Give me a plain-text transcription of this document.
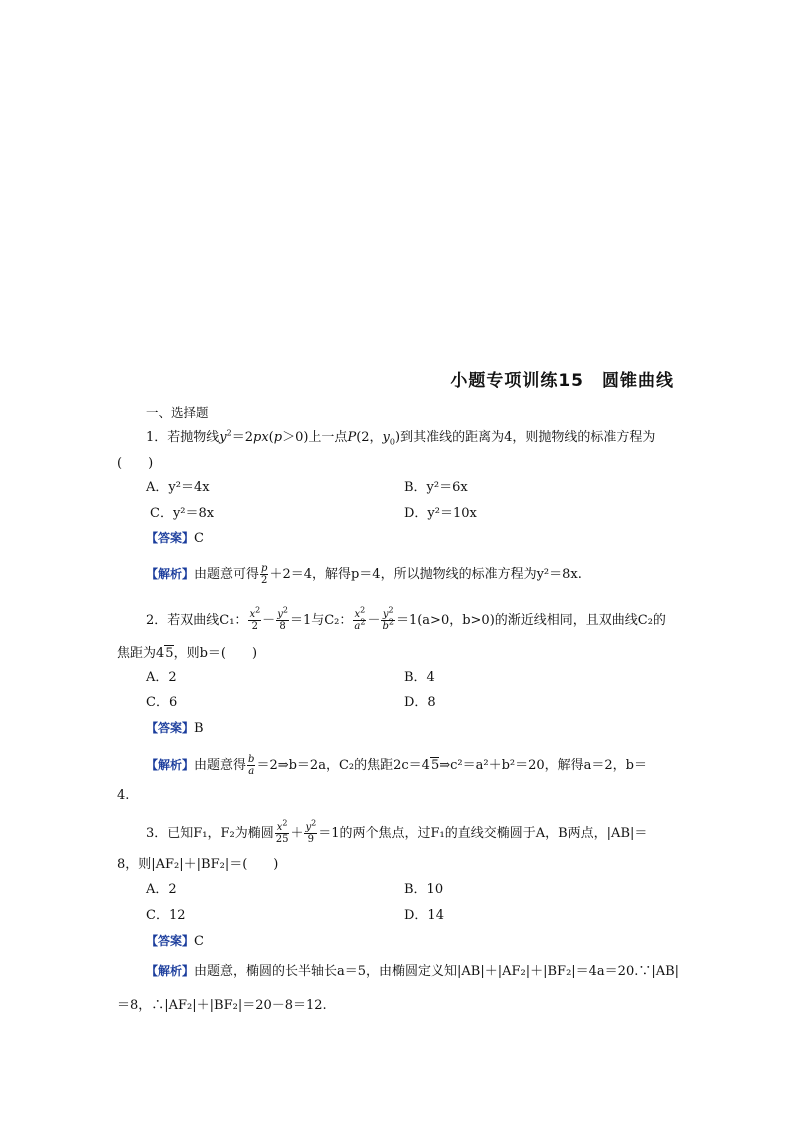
小题专项训练15　圆锥曲线
一、选择题
1．若抛物线$y^2=2px(p>0)$上一点P(2，$y_0$)到其准线的距离为4，则抛物线的标准方程为
(　　)
A．y²＝4x	B．y²＝6x
C．y²＝8x	D．y²＝10x
【答案】C
【解析】由题意可得 $\frac{p}{2} +2=4$，解得p＝4，所以抛物线的标准方程为y²＝8x.
2．若双曲线C₁： $\frac{x^2}{2} - \frac{y^2}{8} =1$与C₂： $\frac{x^2}{a^2} - \frac{y^2}{b^2} =1(a>0$，b>0)的渐近线相同，且双曲线C₂的
焦距为45，则b＝(　　)
A．2	B．4
C．6	D．8
【答案】B
【解析】由题意得 $\frac{b}{a}$ ＝2⇒b＝2a，C₂的焦距2c＝45⇒c²＝a²＋b²＝20，解得a＝2，b＝
4.
3．已知F₁，F₂为椭圆 $\frac{x^2}{25} + \frac{y^2}{9} =1$的两个焦点，过F₁的直线交椭圆于A，B两点，|AB|＝
8，则|AF₂|＋|BF₂|＝(　　)
A．2	B．10
C．12	D．14
【答案】C
【解析】由题意，椭圆的长半轴长a＝5，由椭圆定义知|AB|＋|AF₂|＋|BF₂|＝4a＝20.∵|AB|
＝8，∴|AF₂|＋|BF₂|＝20－8＝12.
